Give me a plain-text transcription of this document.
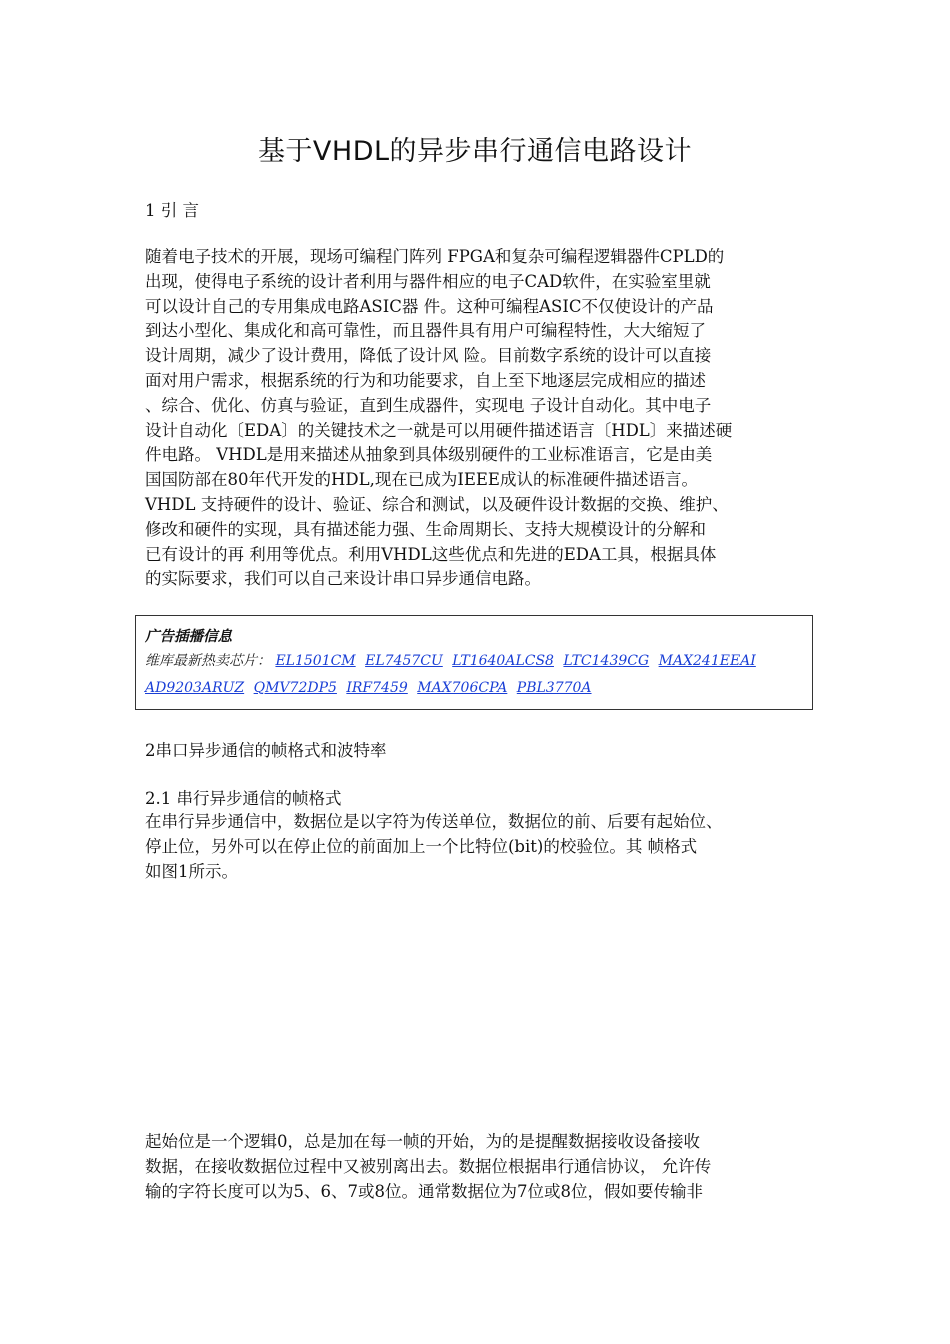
基于VHDL的异步串行通信电路设计
1 引 言
随着电子技术的开展，现场可编程门阵列 FPGA和复杂可编程逻辑器件CPLD的
出现，使得电子系统的设计者利用与器件相应的电子CAD软件，在实验室里就
可以设计自己的专用集成电路ASIC器 件。这种可编程ASIC不仅使设计的产品
到达小型化、集成化和高可靠性，而且器件具有用户可编程特性，大大缩短了
设计周期，减少了设计费用，降低了设计风 险。目前数字系统的设计可以直接
面对用户需求，根据系统的行为和功能要求，自上至下地逐层完成相应的描述
、综合、优化、仿真与验证，直到生成器件，实现电 子设计自动化。其中电子
设计自动化〔EDA〕的关键技术之一就是可以用硬件描述语言〔HDL〕来描述硬
件电路。 VHDL是用来描述从抽象到具体级别硬件的工业标准语言，它是由美
国国防部在80年代开发的HDL,现在已成为IEEE成认的标准硬件描述语言。
VHDL 支持硬件的设计、验证、综合和测试，以及硬件设计数据的交换、维护、
修改和硬件的实现，具有描述能力强、生命周期长、支持大规模设计的分解和
已有设计的再 利用等优点。利用VHDL这些优点和先进的EDA工具，根据具体
的实际要求，我们可以自己来设计串口异步通信电路。
广告插播信息
维库最新热卖芯片： EL1501CM EL7457CU LT1640ALCS8 LTC1439CG MAX241EEAI
AD9203ARUZ QMV72DP5 IRF7459 MAX706CPA PBL3770A
2串口异步通信的帧格式和波特率
2.1 串行异步通信的帧格式
在串行异步通信中，数据位是以字符为传送单位，数据位的前、后要有起始位、
停止位，另外可以在停止位的前面加上一个比特位(bit)的校验位。其 帧格式
如图1所示。
起始位是一个逻辑0，总是加在每一帧的开始，为的是提醒数据接收设备接收
数据，在接收数据位过程中又被别离出去。数据位根据串行通信协议， 允许传
输的字符长度可以为5、6、7或8位。通常数据位为7位或8位，假如要传输非
